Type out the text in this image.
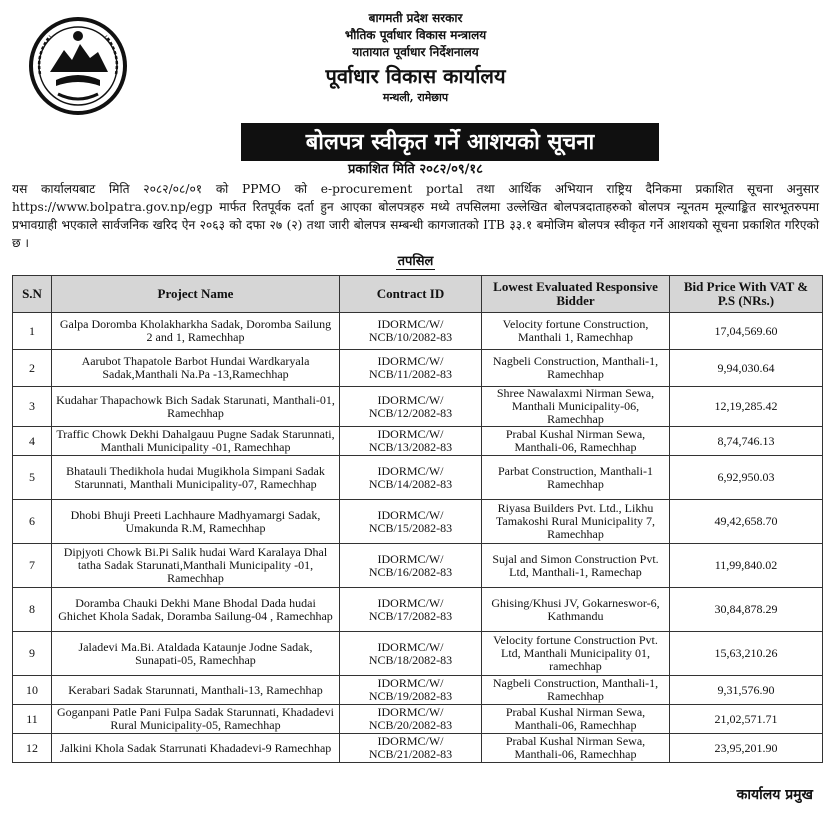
बागमती प्रदेश सरकार
भौतिक पूर्वाधार विकास मन्त्रालय
यातायात पूर्वाधार निर्देशनालय
पूर्वाधार विकास कार्यालय
मन्थली, रामेछाप
बोलपत्र स्वीकृत गर्ने आशयको सूचना
प्रकाशित मिति २०८२/०९/१८
यस कार्यालयबाट मिति २०८२/०८/०१ को PPMO को e-procurement portal तथा आर्थिक अभियान राष्ट्रिय दैनिकमा प्रकाशित सूचना अनुसार https://www.bolpatra.gov.np/egp मार्फत रितपूर्वक दर्ता हुन आएका बोलपत्रहरु मध्ये तपसिलमा उल्लेखित बोलपत्रदाताहरुको बोलपत्र न्यूनतम मूल्याङ्कित सारभूतरुपमा प्रभावग्राही भएकाले सार्वजनिक खरिद ऐन २०६३ को दफा २७ (२) तथा जारी बोलपत्र सम्बन्धी कागजातको ITB ३३.१ बमोजिम बोलपत्र स्वीकृत गर्ने आशयको सूचना प्रकाशित गरिएको छ ।
तपसिल
S.N	Project Name	Contract ID	Lowest Evaluated Responsive Bidder	Bid Price With VAT & P.S (NRs.)
1	Galpa Doromba Kholakharkha Sadak, Doromba Sailung 2 and 1, Ramechhap	IDORMC/W/ NCB/10/2082-83	Velocity fortune Construction, Manthali 1, Ramechhap	17,04,569.60
2	Aarubot Thapatole Barbot Hundai Wardkaryala Sadak,Manthali Na.Pa -13,Ramechhap	IDORMC/W/ NCB/11/2082-83	Nagbeli Construction, Manthali-1, Ramechhap	9,94,030.64
3	Kudahar Thapachowk Bich Sadak Starunati, Manthali-01, Ramechhap	IDORMC/W/ NCB/12/2082-83	Shree Nawalaxmi Nirman Sewa, Manthali Municipality-06, Ramechhap	12,19,285.42
4	Traffic Chowk Dekhi Dahalgauu Pugne Sadak Starunnati, Manthali Municipality -01, Ramechhap	IDORMC/W/ NCB/13/2082-83	Prabal Kushal Nirman Sewa, Manthali-06, Ramechhap	8,74,746.13
5	Bhatauli Thedikhola hudai Mugikhola Simpani Sadak Starunnati, Manthali Municipality-07, Ramechhap	IDORMC/W/ NCB/14/2082-83	Parbat Construction, Manthali-1 Ramechhap	6,92,950.03
6	Dhobi Bhuji Preeti Lachhaure Madhyamargi Sadak, Umakunda R.M, Ramechhap	IDORMC/W/ NCB/15/2082-83	Riyasa Builders Pvt. Ltd., Likhu Tamakoshi Rural Municipality 7, Ramechhap	49,42,658.70
7	Dipjyoti Chowk Bi.Pi Salik hudai Ward Karalaya Dhal tatha Sadak Starunati,Manthali Municipality -01, Ramechhap	IDORMC/W/ NCB/16/2082-83	Sujal and Simon Construction Pvt. Ltd, Manthali-1, Ramechap	11,99,840.02
8	Doramba Chauki Dekhi Mane Bhodal Dada hudai Ghichet Khola Sadak, Doramba Sailung-04 , Ramechhap	IDORMC/W/ NCB/17/2082-83	Ghising/Khusi JV, Gokarneswor-6, Kathmandu	30,84,878.29
9	Jaladevi Ma.Bi. Ataldada Kataunje Jodne Sadak, Sunapati-05, Ramechhap	IDORMC/W/ NCB/18/2082-83	Velocity fortune Construction Pvt. Ltd, Manthali Municipality 01, ramechhap	15,63,210.26
10	Kerabari Sadak Starunnati, Manthali-13, Ramechhap	IDORMC/W/ NCB/19/2082-83	Nagbeli Construction, Manthali-1, Ramechhap	9,31,576.90
11	Goganpani Patle Pani Fulpa Sadak Starunnati, Khadadevi Rural Municipality-05, Ramechhap	IDORMC/W/ NCB/20/2082-83	Prabal Kushal Nirman Sewa, Manthali-06, Ramechhap	21,02,571.71
12	Jalkini Khola Sadak Starrunati Khadadevi-9 Ramechhap	IDORMC/W/ NCB/21/2082-83	Prabal Kushal Nirman Sewa, Manthali-06, Ramechhap	23,95,201.90
कार्यालय प्रमुख
